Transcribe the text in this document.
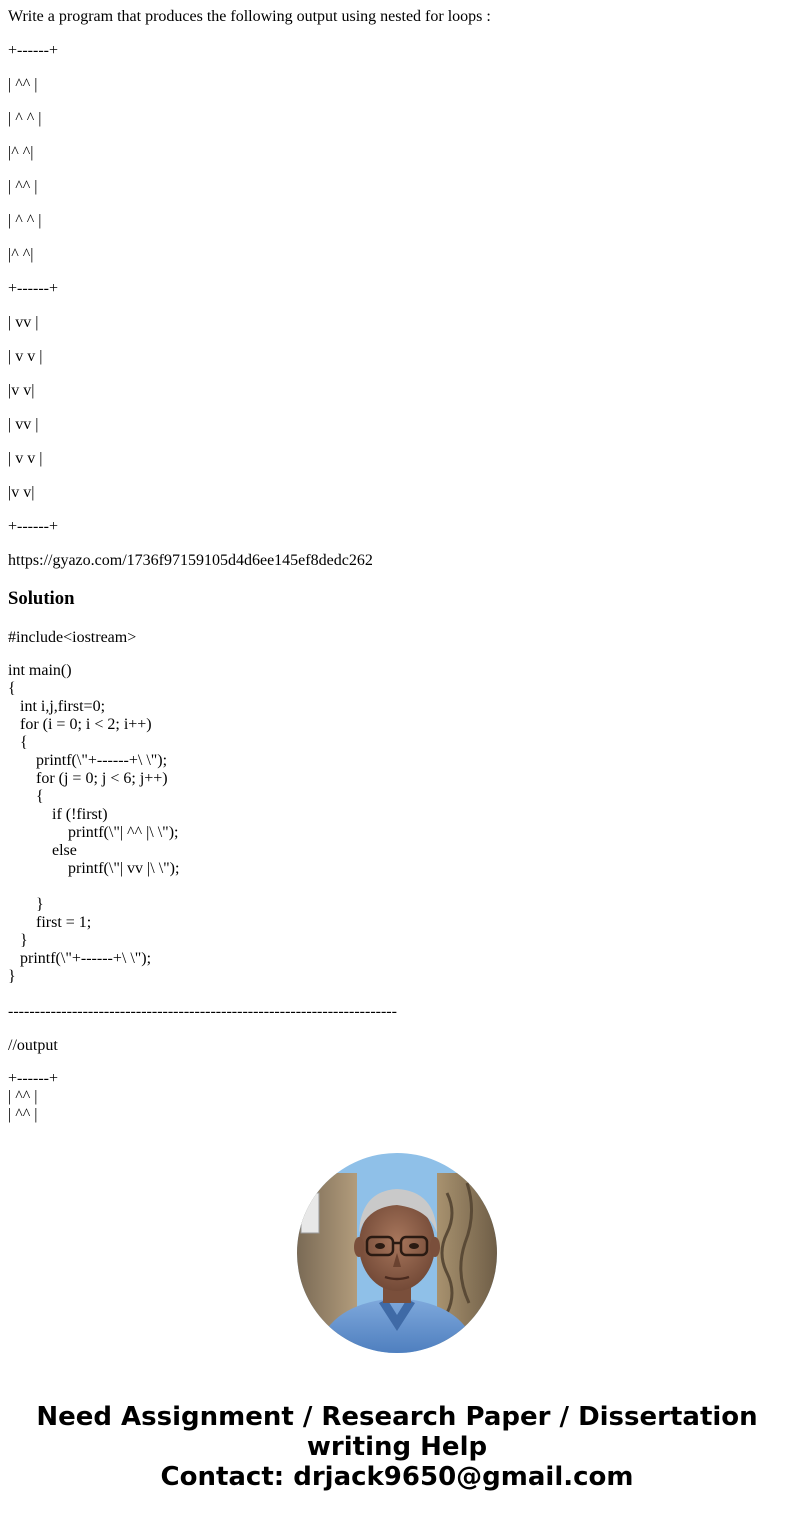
Write a program that produces the following output using nested for loops :
+------+
| ^^ |
| ^ ^ |
|^ ^|
| ^^ |
| ^ ^ |
|^ ^|
+------+
| vv |
| v v |
|v v|
| vv |
| v v |
|v v|
+------+
https://gyazo.com/1736f97159105d4d6ee145ef8dedc262
Solution
#include<iostream>
int main()
{
int i,j,first=0;
for (i = 0; i < 2; i++)
{
printf(\"+------+\ \");
for (j = 0; j < 6; j++)
{
if (!first)
printf(\"| ^^ |\ \");
else
printf(\"| vv |\ \");

}
first = 1;
}
printf(\"+------+\ \");
}
-------------------------------------------------------------------------
//output
+------+
| ^^ |
| ^^ |
Need Assignment / Research Paper / Dissertation
writing Help
Contact: drjack9650@gmail.com
